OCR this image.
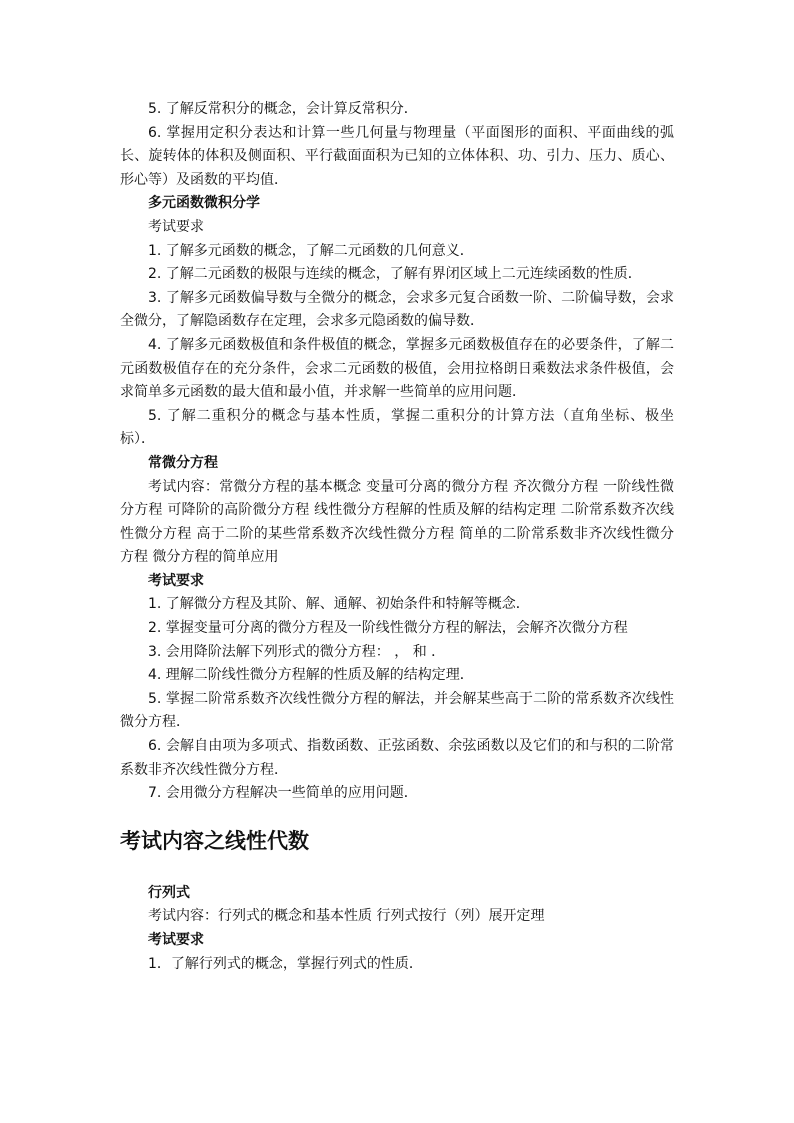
5. 了解反常积分的概念，会计算反常积分．

6. 掌握用定积分表达和计算一些几何量与物理量（平面图形的面积、平面曲线的弧长、旋转体的体积及侧面积、平行截面面积为已知的立体体积、功、引力、压力、质心、形心等）及函数的平均值．

多元函数微积分学

考试要求

1. 了解多元函数的概念，了解二元函数的几何意义．

2. 了解二元函数的极限与连续的概念，了解有界闭区域上二元连续函数的性质．

3. 了解多元函数偏导数与全微分的概念，会求多元复合函数一阶、二阶偏导数，会求全微分，了解隐函数存在定理，会求多元隐函数的偏导数．

4. 了解多元函数极值和条件极值的概念，掌握多元函数极值存在的必要条件，了解二元函数极值存在的充分条件，会求二元函数的极值，会用拉格朗日乘数法求条件极值，会求简单多元函数的最大值和最小值，并求解一些简单的应用问题．

5. 了解二重积分的概念与基本性质，掌握二重积分的计算方法（直角坐标、极坐标）．

常微分方程

考试内容：常微分方程的基本概念 变量可分离的微分方程 齐次微分方程 一阶线性微分方程 可降阶的高阶微分方程 线性微分方程解的性质及解的结构定理 二阶常系数齐次线性微分方程 高于二阶的某些常系数齐次线性微分方程 简单的二阶常系数非齐次线性微分方程 微分方程的简单应用

考试要求

1. 了解微分方程及其阶、解、通解、初始条件和特解等概念．

2. 掌握变量可分离的微分方程及一阶线性微分方程的解法，会解齐次微分方程

3. 会用降阶法解下列形式的微分方程： ， 和 ．

4. 理解二阶线性微分方程解的性质及解的结构定理．

5. 掌握二阶常系数齐次线性微分方程的解法，并会解某些高于二阶的常系数齐次线性微分方程．

6. 会解自由项为多项式、指数函数、正弦函数、余弦函数以及它们的和与积的二阶常系数非齐次线性微分方程．

7. 会用微分方程解决一些简单的应用问题．

考试内容之线性代数

行列式

考试内容：行列式的概念和基本性质 行列式按行（列）展开定理

考试要求

1．了解行列式的概念，掌握行列式的性质．
